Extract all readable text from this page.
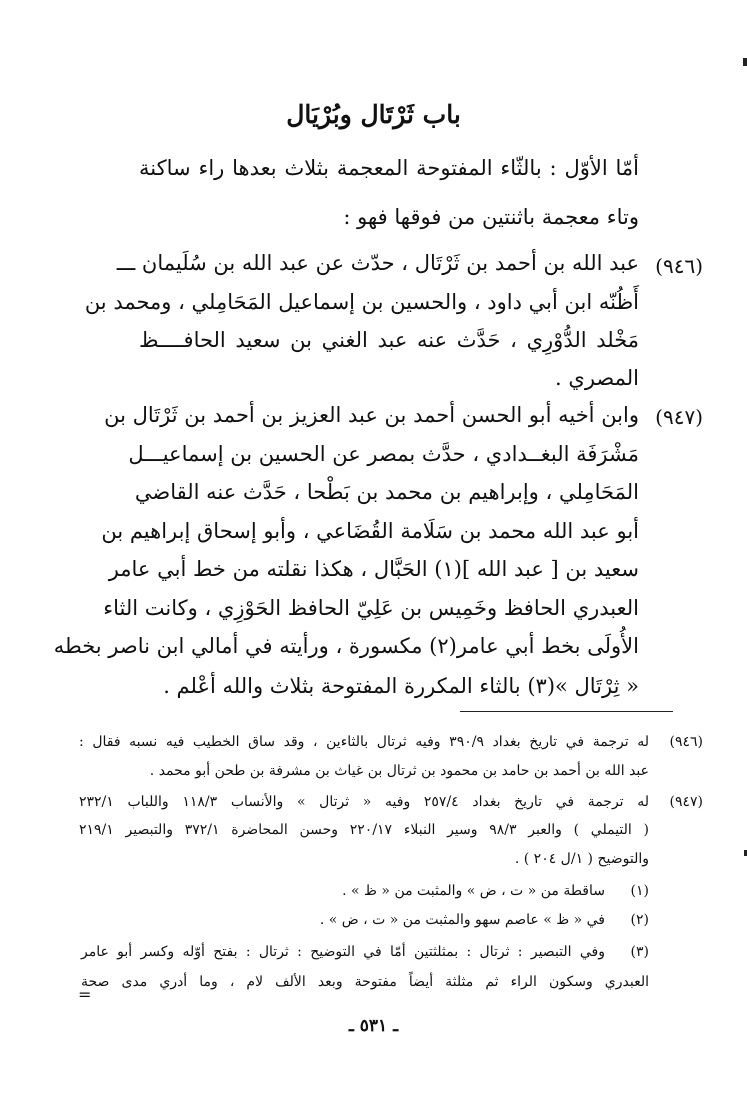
باب ثَرْتَال وبُرْيَال
أمّا الأوّل : بالثّاء المفتوحة المعجمة بثلاث بعدها راء ساكنة
وتاء معجمة باثنتين من فوقها فهو :
(٩٤٦)
عبد الله بن أحمد بن ثَرْتَال ، حدّث عن عبد الله بن سُلَيمان ـــ
أَظُنّه ابن أبي داود ، والحسين بن إسماعيل المَحَامِلي ، ومحمد بن
مَخْلد الدُّوْرِي ، حَدَّث عنه عبد الغني بن سعيد الحافــــظ
المصري .
(٩٤٧)
وابن أخيه أبو الحسن أحمد بن عبد العزيز بن أحمد بن ثَرْتَال بن
مَشْرَفَة البغــدادي ، حدَّث بمصر عن الحسين بن إسماعيـــل
المَحَامِلي ، وإبراهيم بن محمد بن بَطْحا ، حَدَّث عنه القاضي
أبو عبد الله محمد بن سَلَامة القُضَاعي ، وأبو إسحاق إبراهيم بن
سعيد بن [ عبد الله ](١) الحَبَّال ، هكذا نقلته من خط أبي عامر
العبدري الحافظ وخَمِيس بن عَلِيّ الحافظ الحَوْزِي ، وكانت الثاء
الأُولَى بخط أبي عامر(٢) مكسورة ، ورأيته في أمالي ابن ناصر بخطه
« ثِرْتَال »(٣) بالثاء المكررة المفتوحة بثلاث والله أعْلم .
(٩٤٦)
له ترجمة في تاريخ بغداد ٣٩٠/٩ وفيه ثرتال بالثاءين ، وقد ساق الخطيب فيه نسبه فقال :
عبد الله بن أحمد بن حامد بن محمود بن ثرتال بن غياث بن مشرفة بن طحن أبو محمد .
(٩٤٧)
له ترجمة في تاريخ بغداد ٢٥٧/٤ وفيه « ثرتال » والأنساب ١١٨/٣ واللباب ٢٣٢/١
( التيملي ) والعبر ٩٨/٣ وسير النبلاء ٢٢٠/١٧ وحسن المحاضرة ٣٧٢/١ والتبصير ٢١٩/١
والتوضيح ( ١/ل ٢٠٤ ) .
(١)
ساقطة من « ت ، ض » والمثبت من « ظ » .
(٢)
في « ظ » عاصم سهو والمثبت من « ت ، ض » .
(٣)
وفي التبصير : ثرتال : بمثلثتين أمّا في التوضيح : ثرتال : بفتح أوّله وكسر أبو عامر
العبدري وسكون الراء ثم مثلثة أيضاً مفتوحة وبعد الألف لام ، وما أدري مدى صحة
=
ـ ٥٣١ ـ
